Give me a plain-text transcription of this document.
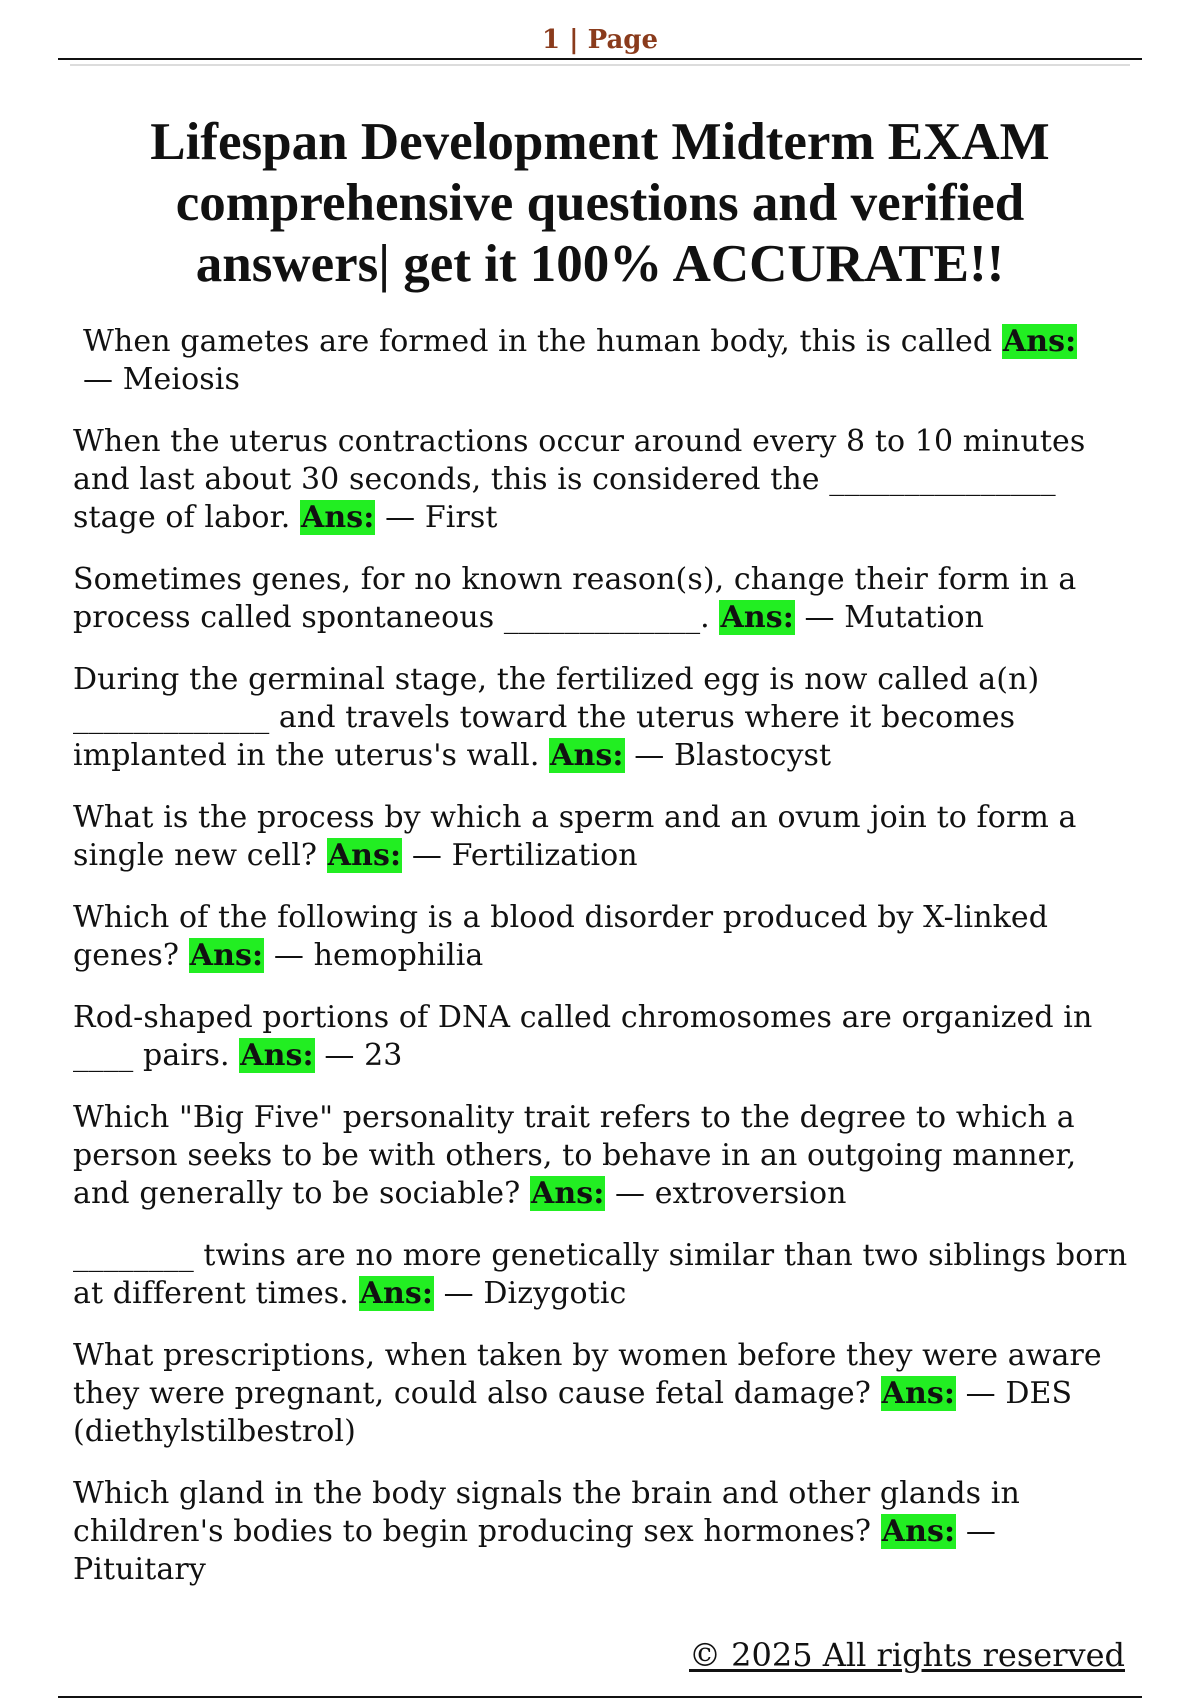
1 | Page
Lifespan Development Midterm EXAM
comprehensive questions and verified
answers| get it 100% ACCURATE!!

When gametes are formed in the human body, this is called Ans:
— Meiosis

When the uterus contractions occur around every 8 to 10 minutes and last about 30 seconds, this is considered the _______________ stage of labor. Ans: — First

Sometimes genes, for no known reason(s), change their form in a process called spontaneous _____________. Ans: — Mutation

During the germinal stage, the fertilized egg is now called a(n) _____________ and travels toward the uterus where it becomes implanted in the uterus's wall. Ans: — Blastocyst

What is the process by which a sperm and an ovum join to form a single new cell? Ans: — Fertilization

Which of the following is a blood disorder produced by X-linked genes? Ans: — hemophilia

Rod-shaped portions of DNA called chromosomes are organized in ____ pairs. Ans: — 23

Which "Big Five" personality trait refers to the degree to which a person seeks to be with others, to behave in an outgoing manner, and generally to be sociable? Ans: — extroversion

________ twins are no more genetically similar than two siblings born at different times. Ans: — Dizygotic

What prescriptions, when taken by women before they were aware they were pregnant, could also cause fetal damage? Ans: — DES (diethylstilbestrol)

Which gland in the body signals the brain and other glands in children's bodies to begin producing sex hormones? Ans: — Pituitary

© 2025 All rights reserved
